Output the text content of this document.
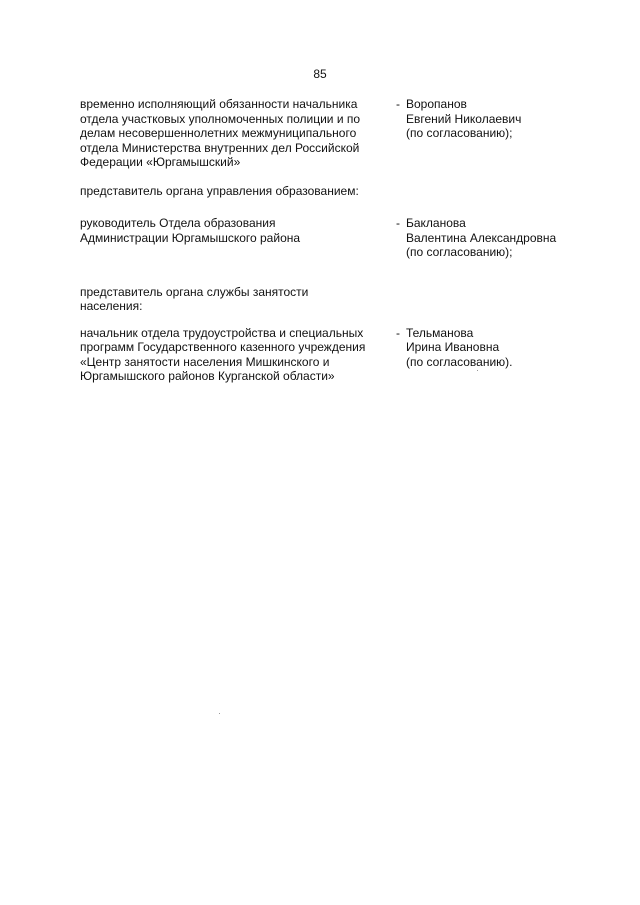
85
временно исполняющий обязанности начальника
отдела участковых уполномоченных полиции и по
делам несовершеннолетних межмуниципального
отдела Министерства внутренних дел Российской
Федерации «Юргамышский»
- Воропанов
Евгений Николаевич
(по согласованию);
представитель органа управления образованием:
руководитель Отдела образования
Администрации Юргамышского района
- Бакланова
Валентина Александровна
(по согласованию);
представитель органа службы занятости
населения:
начальник отдела трудоустройства и специальных
программ Государственного казенного учреждения
«Центр занятости населения Мишкинского и
Юргамышского районов Курганской области»
- Тельманова
Ирина Ивановна
(по согласованию).
